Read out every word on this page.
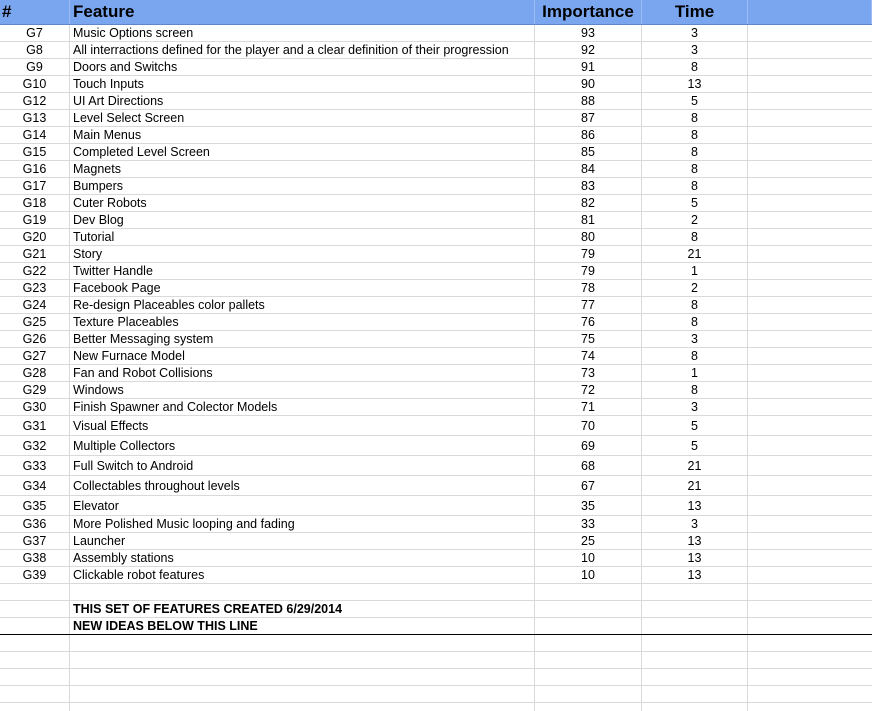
#	Feature	Importance	Time
G7	Music Options screen	93	3
G8	All interractions defined for the player and a clear definition of their progression	92	3
G9	Doors and Switchs	91	8
G10	Touch Inputs	90	13
G12	UI Art Directions	88	5
G13	Level Select Screen	87	8
G14	Main Menus	86	8
G15	Completed Level Screen	85	8
G16	Magnets	84	8
G17	Bumpers	83	8
G18	Cuter Robots	82	5
G19	Dev Blog	81	2
G20	Tutorial	80	8
G21	Story	79	21
G22	Twitter Handle	79	1
G23	Facebook Page	78	2
G24	Re-design Placeables color pallets	77	8
G25	Texture Placeables	76	8
G26	Better Messaging system	75	3
G27	New Furnace Model	74	8
G28	Fan and Robot Collisions	73	1
G29	Windows	72	8
G30	Finish Spawner and Colector Models	71	3
G31	Visual Effects	70	5
G32	Multiple Collectors	69	5
G33	Full Switch to Android	68	21
G34	Collectables throughout levels	67	21
G35	Elevator	35	13
G36	More Polished Music looping and fading	33	3
G37	Launcher	25	13
G38	Assembly stations	10	13
G39	Clickable robot features	10	13
THIS SET OF FEATURES CREATED 6/29/2014
NEW IDEAS BELOW THIS LINE
